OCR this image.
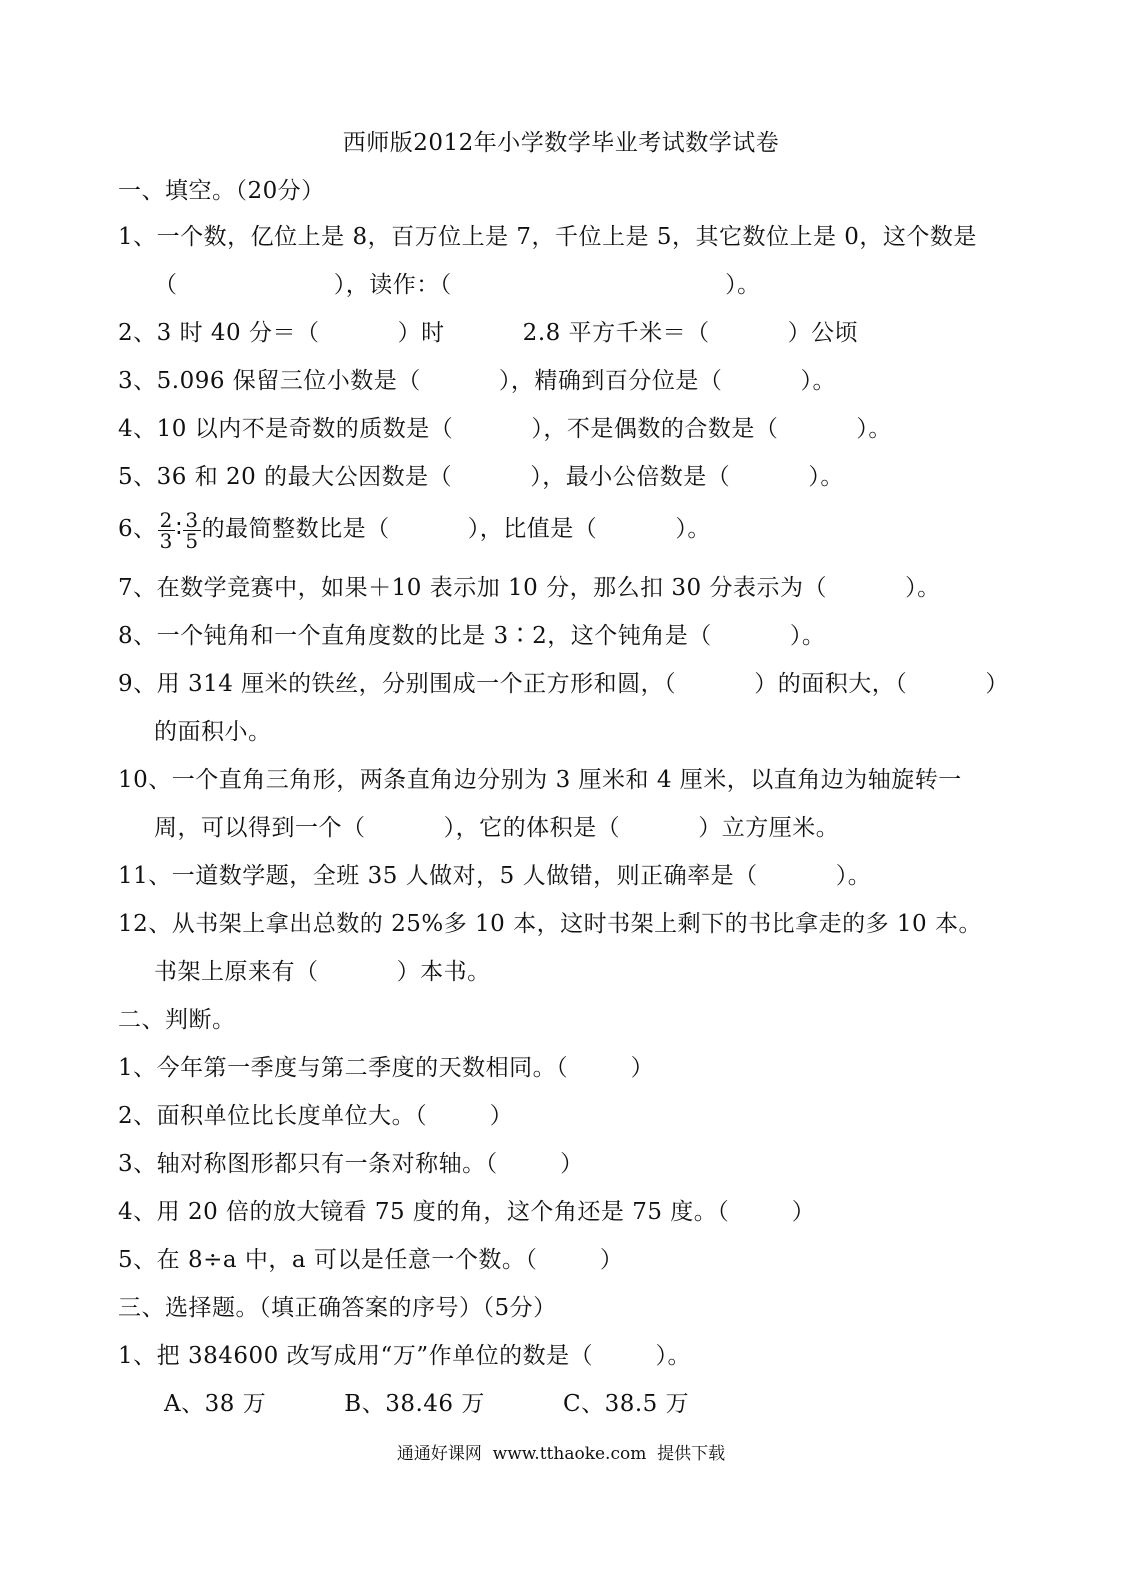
西师版2012年小学数学毕业考试数学试卷
一、填空。（20分）
1、一个数，亿位上是 8，百万位上是 7，千位上是 5，其它数位上是 0，这个数是
（                    ），读作：（                                   ）。
2、3 时 40 分＝（          ）时          2.8 平方千米＝（          ）公顷
3、5.096 保留三位小数是（          ），精确到百分位是（          ）。
4、10 以内不是奇数的质数是（          ），不是偶数的合数是（          ）。
5、36 和 20 的最大公因数是（          ），最小公倍数是（          ）。
6、 $\frac{2}{3}$ ∶ $\frac{3}{5}$ 的最简整数比是（          ），比值是（          ）。
7、在数学竞赛中，如果＋10 表示加 10 分，那么扣 30 分表示为（          ）。
8、一个钝角和一个直角度数的比是 3∶2，这个钝角是（          ）。
9、用 314 厘米的铁丝，分别围成一个正方形和圆，（          ）的面积大，（          ）
的面积小。
10、一个直角三角形，两条直角边分别为 3 厘米和 4 厘米，以直角边为轴旋转一
周，可以得到一个（          ），它的体积是（          ）立方厘米。
11、一道数学题，全班 35 人做对，5 人做错，则正确率是（          ）。
12、从书架上拿出总数的 25%多 10 本，这时书架上剩下的书比拿走的多 10 本。
书架上原来有（          ）本书。
二、判断。
1、今年第一季度与第二季度的天数相同。（        ）
2、面积单位比长度单位大。（        ）
3、轴对称图形都只有一条对称轴。（        ）
4、用 20 倍的放大镜看 75 度的角，这个角还是 75 度。（        ）
5、在 8÷a 中，a 可以是任意一个数。（        ）
三、选择题。（填正确答案的序号）（5分）
1、把 384600 改写成用“万”作单位的数是（        ）。
A、38 万          B、38.46 万          C、38.5 万
通通好课网  www.tthaoke.com  提供下载
